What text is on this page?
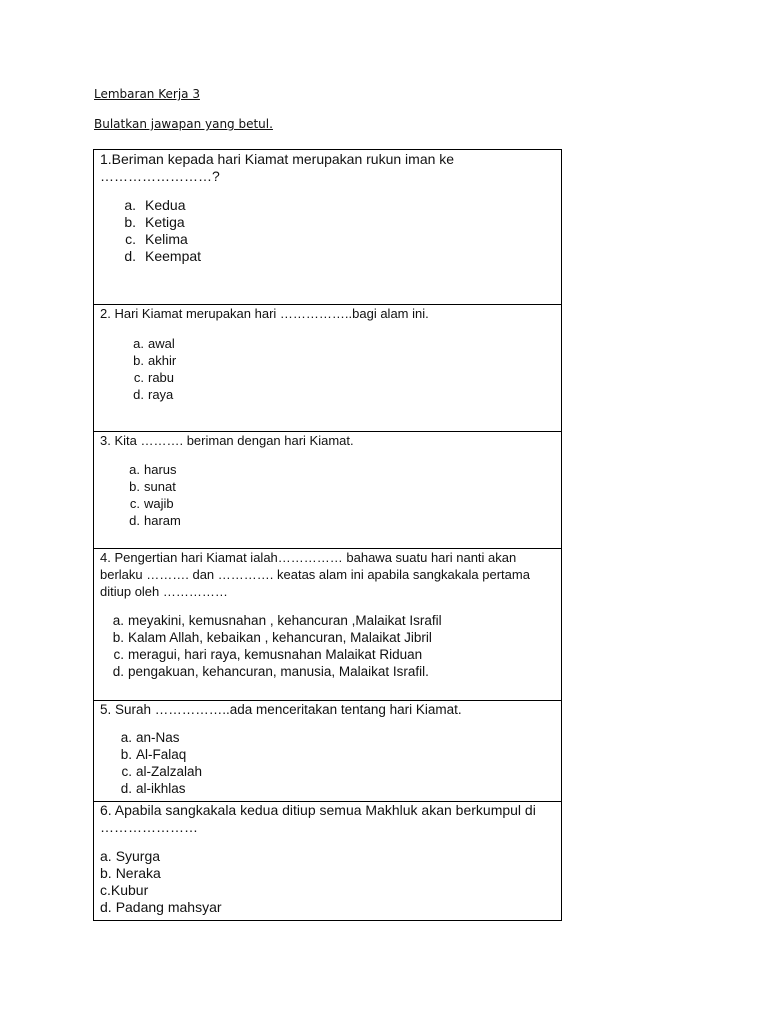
Lembaran Kerja 3
Bulatkan jawapan yang betul.

1.Beriman kepada hari Kiamat merupakan rukun iman ke ……………………?

a. Kedua
b. Ketiga
c. Kelima
d. Keempat

2. Hari Kiamat merupakan hari ……………..bagi alam ini.

a. awal
b. akhir
c. rabu
d. raya

3. Kita ………. beriman dengan hari Kiamat.

a. harus
b. sunat
c. wajib
d. haram

4. Pengertian hari Kiamat ialah…………… bahawa suatu hari nanti akan berlaku ………. dan …………. keatas alam ini apabila sangkakala pertama ditiup oleh ……………

a. meyakini, kemusnahan , kehancuran ,Malaikat Israfil
b. Kalam Allah, kebaikan , kehancuran, Malaikat Jibril
c. meragui, hari raya, kemusnahan Malaikat Riduan
d. pengakuan, kehancuran, manusia, Malaikat Israfil.

5. Surah ……………..ada menceritakan tentang hari Kiamat.

a. an-Nas
b. Al-Falaq
c. al-Zalzalah
d. al-ikhlas

6. Apabila sangkakala kedua ditiup semua Makhluk akan berkumpul di …………………

a. Syurga
b. Neraka
c. Kubur
d. Padang mahsyar
